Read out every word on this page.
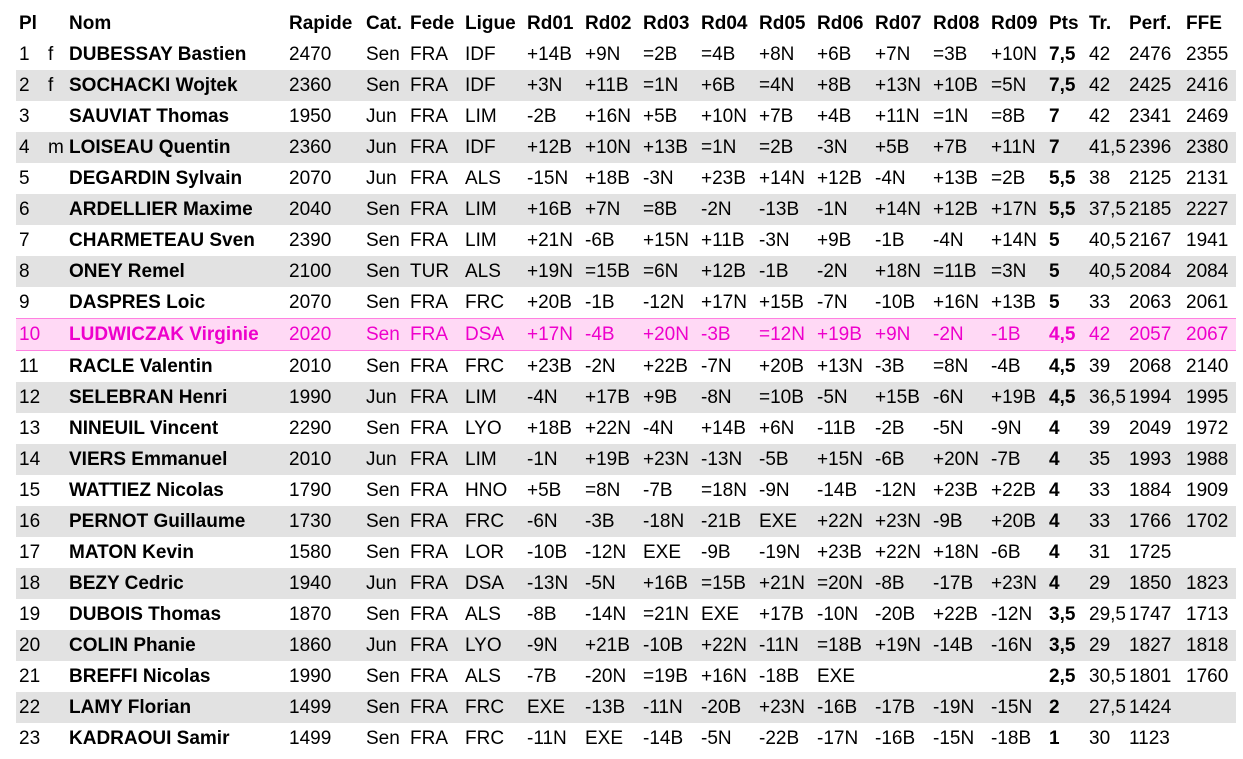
Pl		Nom	Rapide	Cat.	Fede	Ligue	Rd01	Rd02	Rd03	Rd04	Rd05	Rd06	Rd07	Rd08	Rd09	Pts	Tr.	Perf.	FFE
1	f	DUBESSAY Bastien	2470	Sen	FRA	IDF	+14B	+9N	=2B	=4B	+8N	+6B	+7N	=3B	+10N	7,5	42	2476	2355
2	f	SOCHACKI Wojtek	2360	Sen	FRA	IDF	+3N	+11B	=1N	+6B	=4N	+8B	+13N	+10B	=5N	7,5	42	2425	2416
3		SAUVIAT Thomas	1950	Jun	FRA	LIM	-2B	+16N	+5B	+10N	+7B	+4B	+11N	=1N	=8B	7	42	2341	2469
4	m	LOISEAU Quentin	2360	Jun	FRA	IDF	+12B	+10N	+13B	=1N	=2B	-3N	+5B	+7B	+11N	7	41,5	2396	2380
5		DEGARDIN Sylvain	2070	Jun	FRA	ALS	-15N	+18B	-3N	+23B	+14N	+12B	-4N	+13B	=2B	5,5	38	2125	2131
6		ARDELLIER Maxime	2040	Sen	FRA	LIM	+16B	+7N	=8B	-2N	-13B	-1N	+14N	+12B	+17N	5,5	37,5	2185	2227
7		CHARMETEAU Sven	2390	Sen	FRA	LIM	+21N	-6B	+15N	+11B	-3N	+9B	-1B	-4N	+14N	5	40,5	2167	1941
8		ONEY Remel	2100	Sen	TUR	ALS	+19N	=15B	=6N	+12B	-1B	-2N	+18N	=11B	=3N	5	40,5	2084	2084
9		DASPRES Loic	2070	Sen	FRA	FRC	+20B	-1B	-12N	+17N	+15B	-7N	-10B	+16N	+13B	5	33	2063	2061
10		LUDWICZAK Virginie	2020	Sen	FRA	DSA	+17N	-4B	+20N	-3B	=12N	+19B	+9N	-2N	-1B	4,5	42	2057	2067
11		RACLE Valentin	2010	Sen	FRA	FRC	+23B	-2N	+22B	-7N	+20B	+13N	-3B	=8N	-4B	4,5	39	2068	2140
12		SELEBRAN Henri	1990	Jun	FRA	LIM	-4N	+17B	+9B	-8N	=10B	-5N	+15B	-6N	+19B	4,5	36,5	1994	1995
13		NINEUIL Vincent	2290	Sen	FRA	LYO	+18B	+22N	-4N	+14B	+6N	-11B	-2B	-5N	-9N	4	39	2049	1972
14		VIERS Emmanuel	2010	Jun	FRA	LIM	-1N	+19B	+23N	-13N	-5B	+15N	-6B	+20N	-7B	4	35	1993	1988
15		WATTIEZ Nicolas	1790	Sen	FRA	HNO	+5B	=8N	-7B	=18N	-9N	-14B	-12N	+23B	+22B	4	33	1884	1909
16		PERNOT Guillaume	1730	Sen	FRA	FRC	-6N	-3B	-18N	-21B	EXE	+22N	+23N	-9B	+20B	4	33	1766	1702
17		MATON Kevin	1580	Sen	FRA	LOR	-10B	-12N	EXE	-9B	-19N	+23B	+22N	+18N	-6B	4	31	1725	
18		BEZY Cedric	1940	Jun	FRA	DSA	-13N	-5N	+16B	=15B	+21N	=20N	-8B	-17B	+23N	4	29	1850	1823
19		DUBOIS Thomas	1870	Sen	FRA	ALS	-8B	-14N	=21N	EXE	+17B	-10N	-20B	+22B	-12N	3,5	29,5	1747	1713
20		COLIN Phanie	1860	Jun	FRA	LYO	-9N	+21B	-10B	+22N	-11N	=18B	+19N	-14B	-16N	3,5	29	1827	1818
21		BREFFI Nicolas	1990	Sen	FRA	ALS	-7B	-20N	=19B	+16N	-18B	EXE				2,5	30,5	1801	1760
22		LAMY Florian	1499	Sen	FRA	FRC	EXE	-13B	-11N	-20B	+23N	-16B	-17B	-19N	-15N	2	27,5	1424	
23		KADRAOUI Samir	1499	Sen	FRA	FRC	-11N	EXE	-14B	-5N	-22B	-17N	-16B	-15N	-18B	1	30	1123	
